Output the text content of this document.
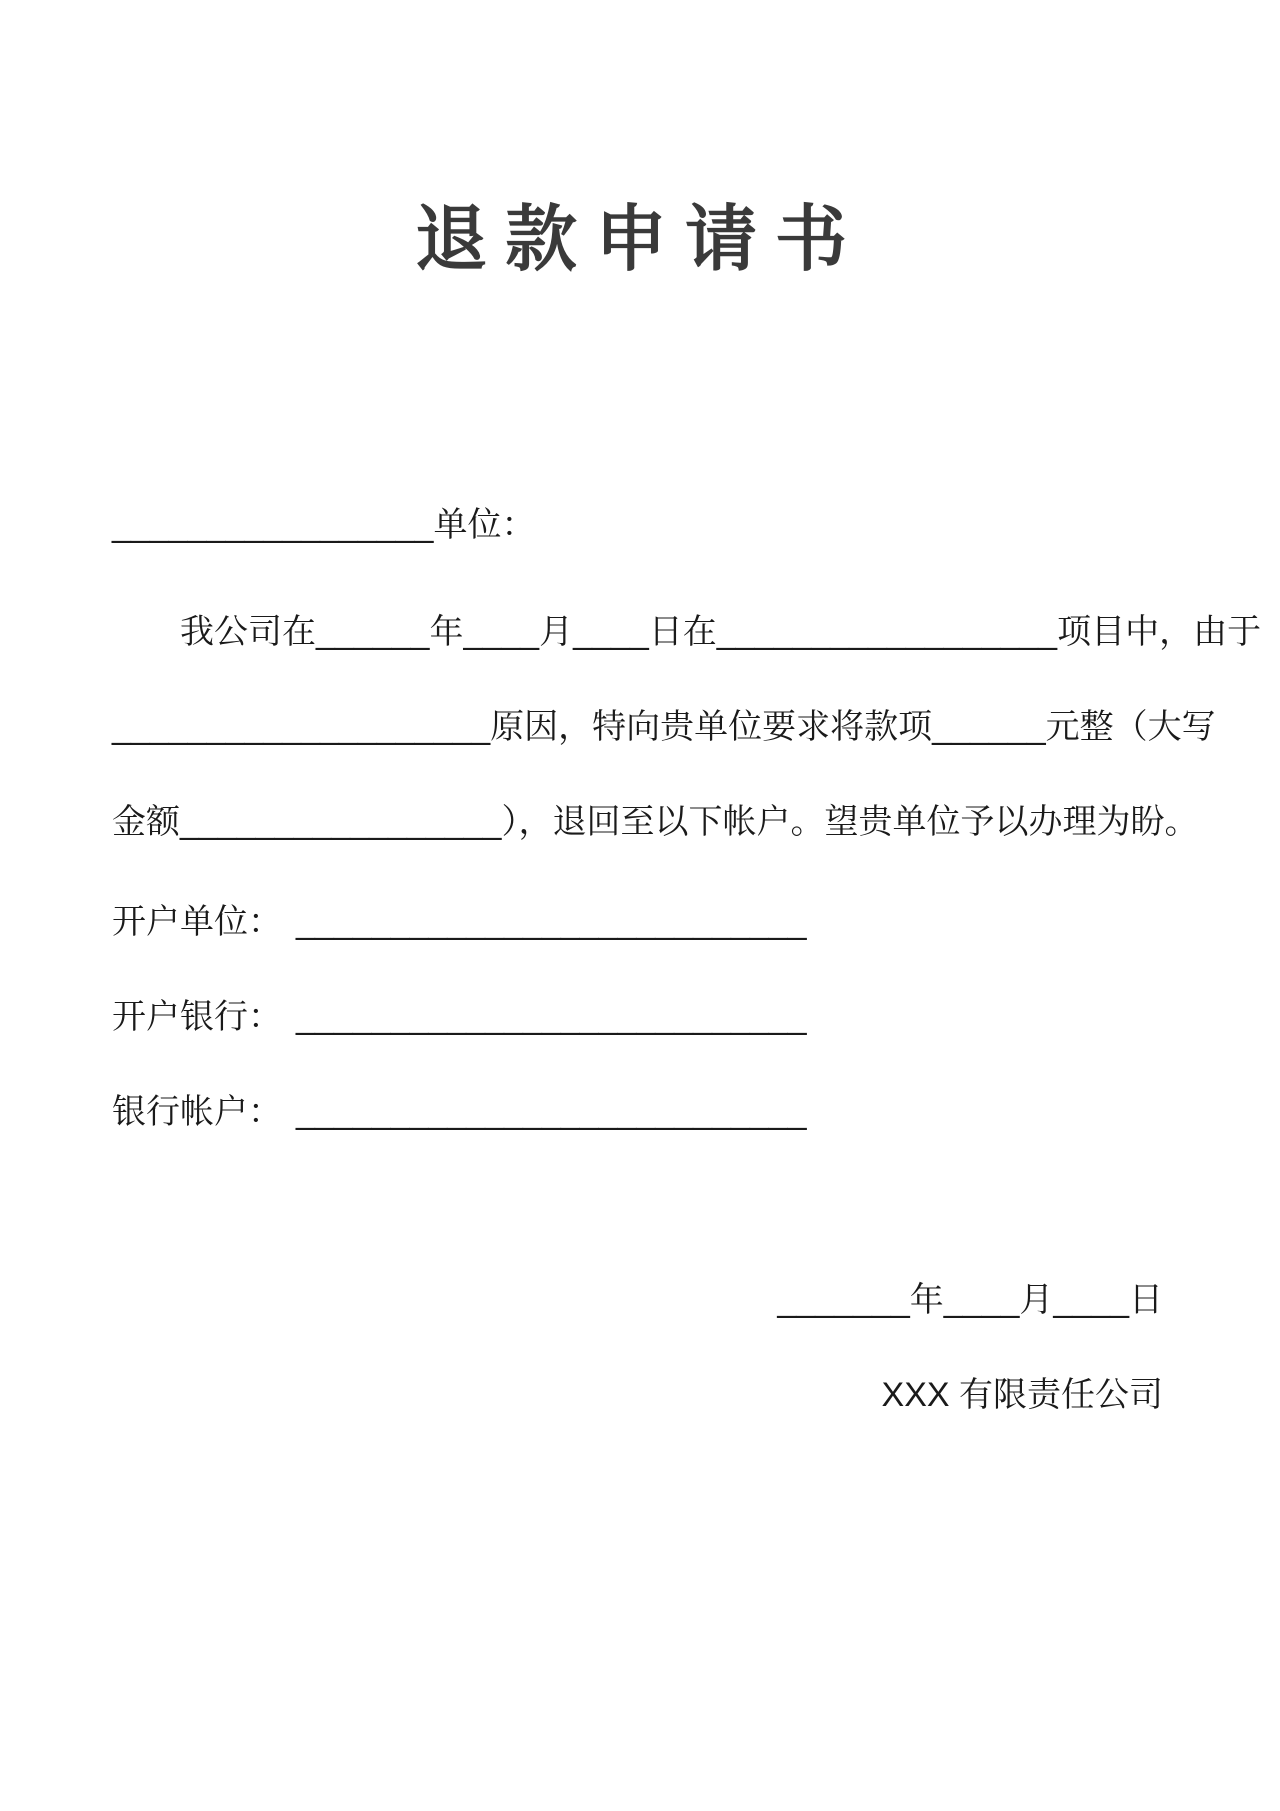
退款申请书
_________________单位：
我公司在______年____月____日在__________________项目中，由于
____________________原因，特向贵单位要求将款项______元整（大写
金额_________________），退回至以下帐户。望贵单位予以办理为盼。
开户单位： ___________________________
开户银行： ___________________________
银行帐户： ___________________________
_______年____月____日
XXX 有限责任公司
